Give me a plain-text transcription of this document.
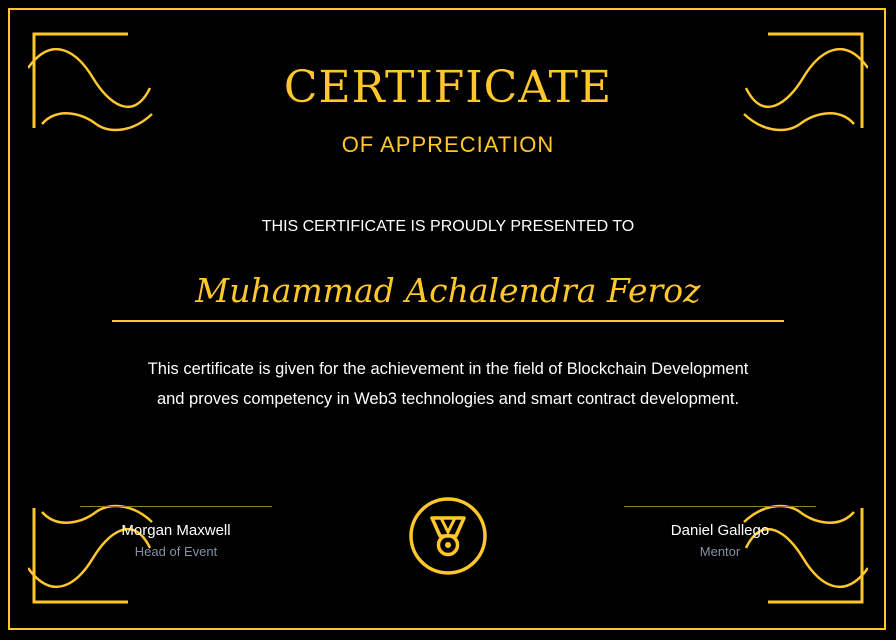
CERTIFICATE
OF APPRECIATION
THIS CERTIFICATE IS PROUDLY PRESENTED TO
Muhammad Achalendra Feroz
This certificate is given for the achievement in the field of Blockchain Development
and proves competency in Web3 technologies and smart contract development.
Morgan Maxwell
Head of Event
Daniel Gallego
Mentor
